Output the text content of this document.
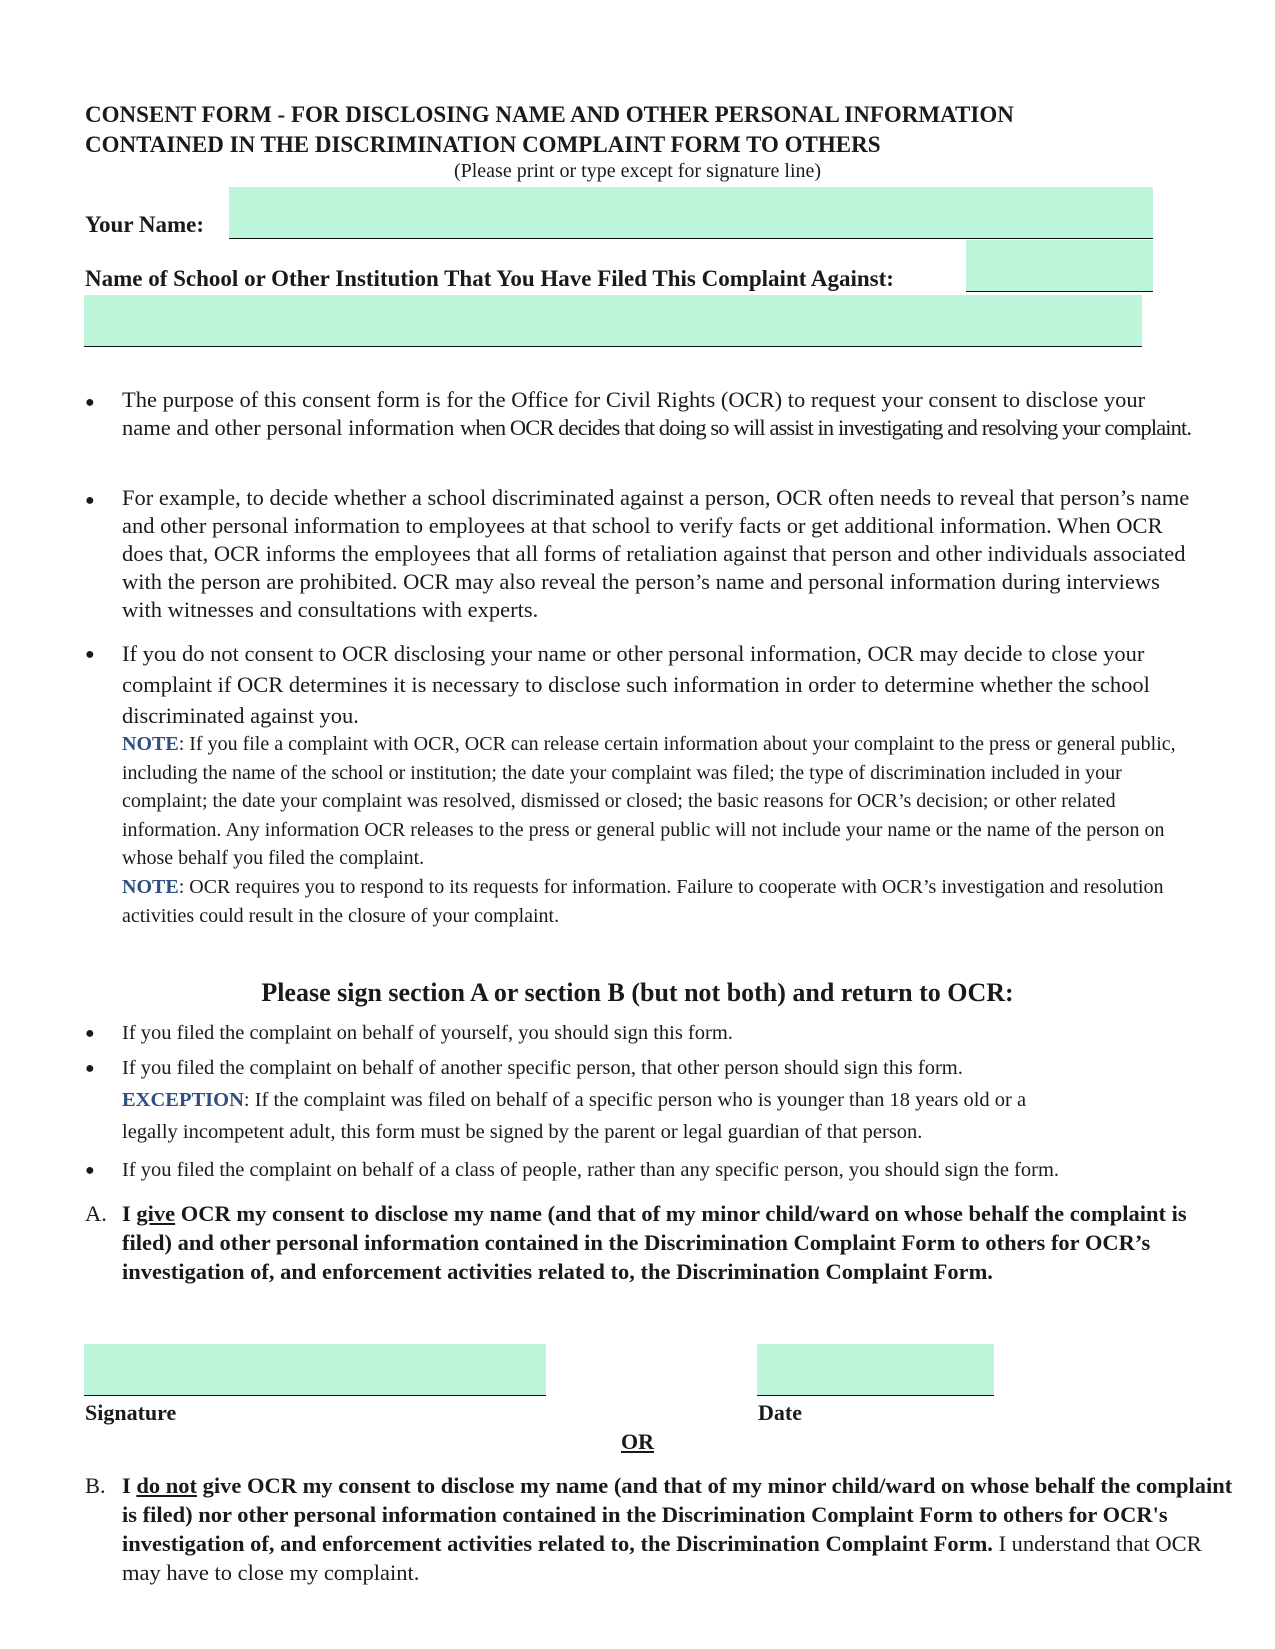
CONSENT FORM - FOR DISCLOSING NAME AND OTHER PERSONAL INFORMATION
CONTAINED IN THE DISCRIMINATION COMPLAINT FORM TO OTHERS
(Please print or type except for signature line)
Your Name:
Name of School or Other Institution That You Have Filed This Complaint Against:
● The purpose of this consent form is for the Office for Civil Rights (OCR) to request your consent to disclose your name and other personal information when OCR decides that doing so will assist in investigating and resolving your complaint.
● For example, to decide whether a school discriminated against a person, OCR often needs to reveal that person’s name and other personal information to employees at that school to verify facts or get additional information. When OCR does that, OCR informs the employees that all forms of retaliation against that person and other individuals associated with the person are prohibited. OCR may also reveal the person’s name and personal information during interviews with witnesses and consultations with experts.
● If you do not consent to OCR disclosing your name or other personal information, OCR may decide to close your complaint if OCR determines it is necessary to disclose such information in order to determine whether the school discriminated against you.
NOTE: If you file a complaint with OCR, OCR can release certain information about your complaint to the press or general public, including the name of the school or institution; the date your complaint was filed; the type of discrimination included in your complaint; the date your complaint was resolved, dismissed or closed; the basic reasons for OCR’s decision; or other related information. Any information OCR releases to the press or general public will not include your name or the name of the person on whose behalf you filed the complaint.
NOTE: OCR requires you to respond to its requests for information. Failure to cooperate with OCR’s investigation and resolution activities could result in the closure of your complaint.
Please sign section A or section B (but not both) and return to OCR:
● If you filed the complaint on behalf of yourself, you should sign this form.
● If you filed the complaint on behalf of another specific person, that other person should sign this form.
EXCEPTION: If the complaint was filed on behalf of a specific person who is younger than 18 years old or a
legally incompetent adult, this form must be signed by the parent or legal guardian of that person.
● If you filed the complaint on behalf of a class of people, rather than any specific person, you should sign the form.
A. I give OCR my consent to disclose my name (and that of my minor child/ward on whose behalf the complaint is filed) and other personal information contained in the Discrimination Complaint Form to others for OCR’s investigation of, and enforcement activities related to, the Discrimination Complaint Form.
Signature	Date
OR
B. I do not give OCR my consent to disclose my name (and that of my minor child/ward on whose behalf the complaint is filed) nor other personal information contained in the Discrimination Complaint Form to others for OCR's investigation of, and enforcement activities related to, the Discrimination Complaint Form. I understand that OCR may have to close my complaint.
